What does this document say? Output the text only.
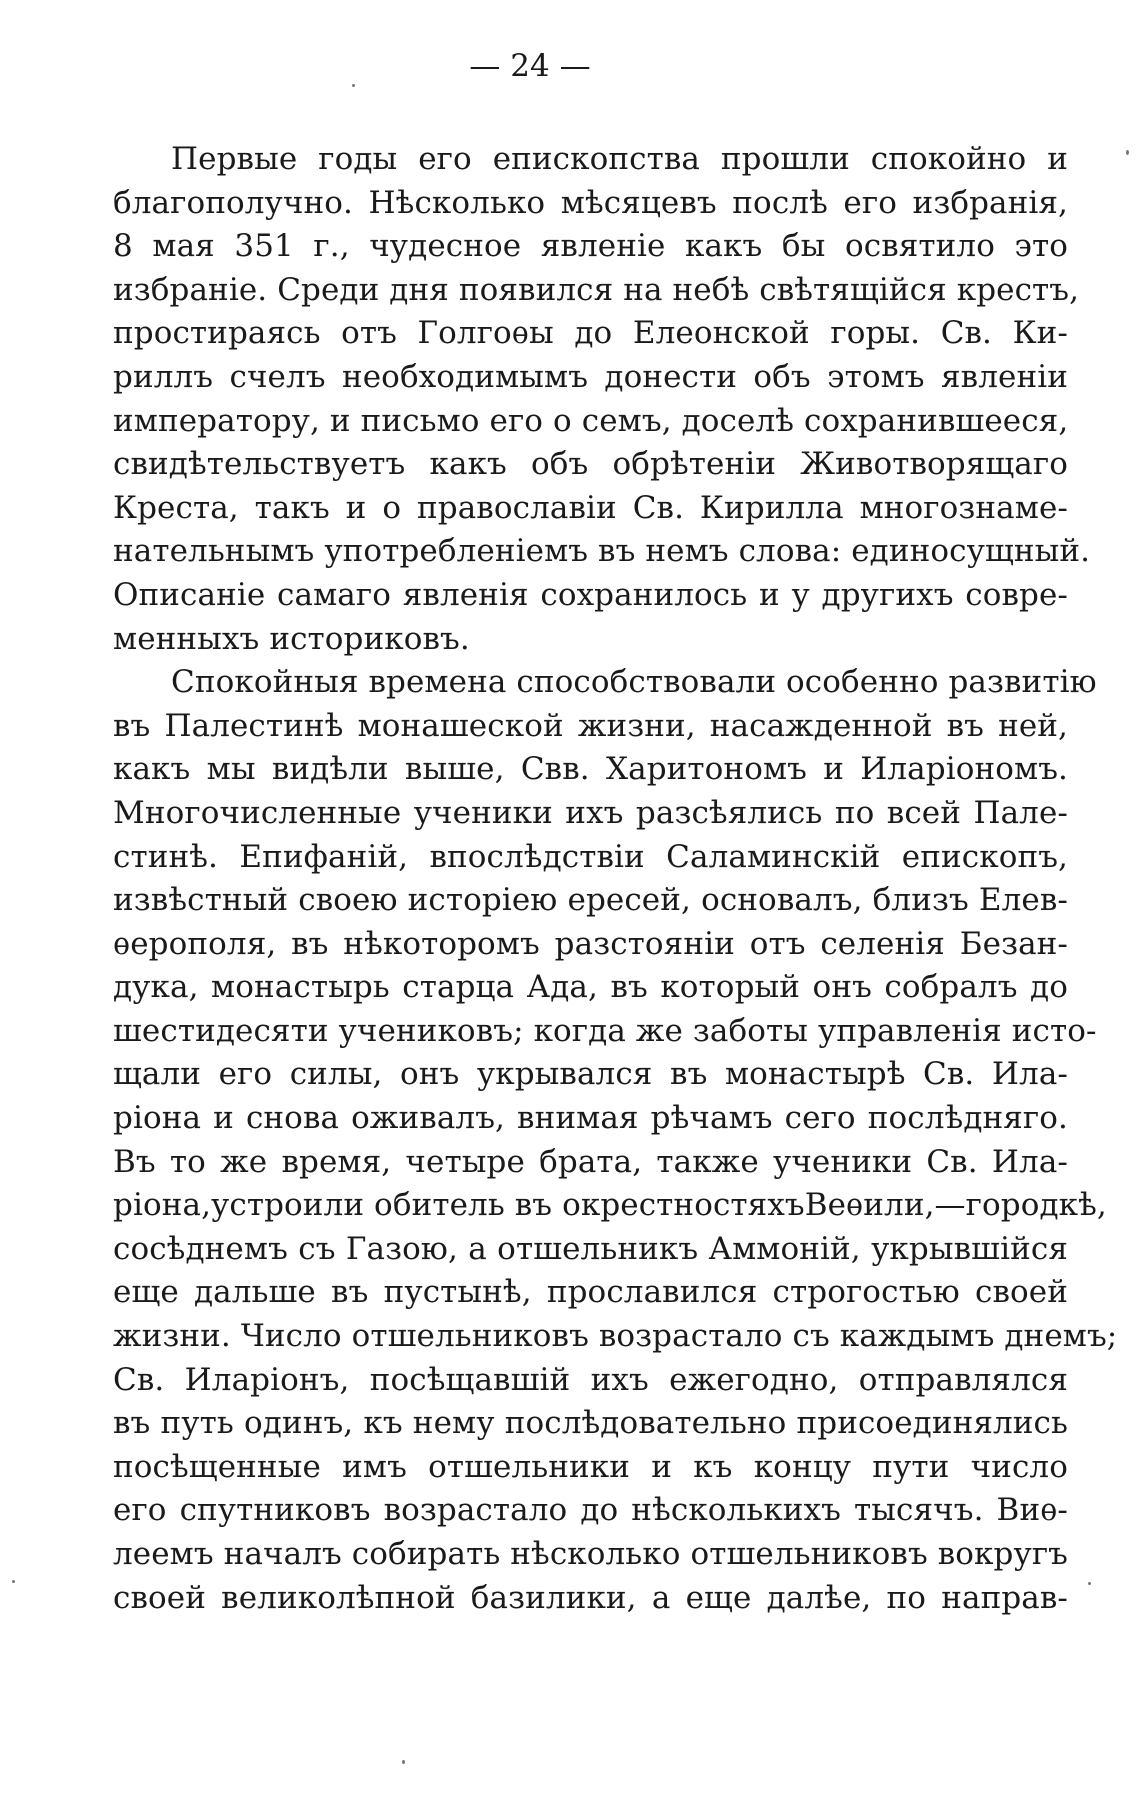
— 24 —
Первые годы его епископства прошли спокойно и
благополучно. Нѣсколько мѣсяцевъ послѣ его избранія,
8 мая 351 г., чудесное явленіе какъ бы освятило это
избраніе. Среди дня появился на небѣ свѣтящійся крестъ,
простираясь отъ Голгоѳы до Елеонской горы. Св. Ки-
риллъ счелъ необходимымъ донести объ этомъ явленіи
императору, и письмо его о семъ, доселѣ сохранившееся,
свидѣтельствуетъ какъ объ обрѣтеніи Животворящаго
Креста, такъ и о православіи Св. Кирилла многознаме-
нательнымъ употребленіемъ въ немъ слова: единосущный.
Описаніе самаго явленія сохранилось и у другихъ совре-
менныхъ историковъ.
Спокойныя времена способствовали особенно развитію
въ Палестинѣ монашеской жизни, насажденной въ ней,
какъ мы видѣли выше, Свв. Харитономъ и Иларіономъ.
Многочисленные ученики ихъ разсѣялись по всей Пале-
стинѣ. Епифаній, впослѣдствіи Саламинскій епископъ,
извѣстный своею исторіею ересей, основалъ, близъ Елев-
ѳерополя, въ нѣкоторомъ разстояніи отъ селенія Безан-
дука, монастырь старца Ада, въ который онъ собралъ до
шестидесяти учениковъ; когда же заботы управленія исто-
щали его силы, онъ укрывался въ монастырѣ Св. Ила-
ріона и снова оживалъ, внимая рѣчамъ сего послѣдняго.
Въ то же время, четыре брата, также ученики Св. Ила-
ріона,устроили обитель въ окрестностяхъВеѳили,—городкѣ,
сосѣднемъ съ Газою, а отшельникъ Аммоній, укрывшійся
еще дальше въ пустынѣ, прославился строгостью своей
жизни. Число отшельниковъ возрастало съ каждымъ днемъ;
Св. Иларіонъ, посѣщавшій ихъ ежегодно, отправлялся
въ путь одинъ, къ нему послѣдовательно присоединялись
посѣщенные имъ отшельники и къ концу пути число
его спутниковъ возрастало до нѣсколькихъ тысячъ. Виѳ-
леемъ началъ собирать нѣсколько отшельниковъ вокругъ
своей великолѣпной базилики, а еще далѣе, по направ-
